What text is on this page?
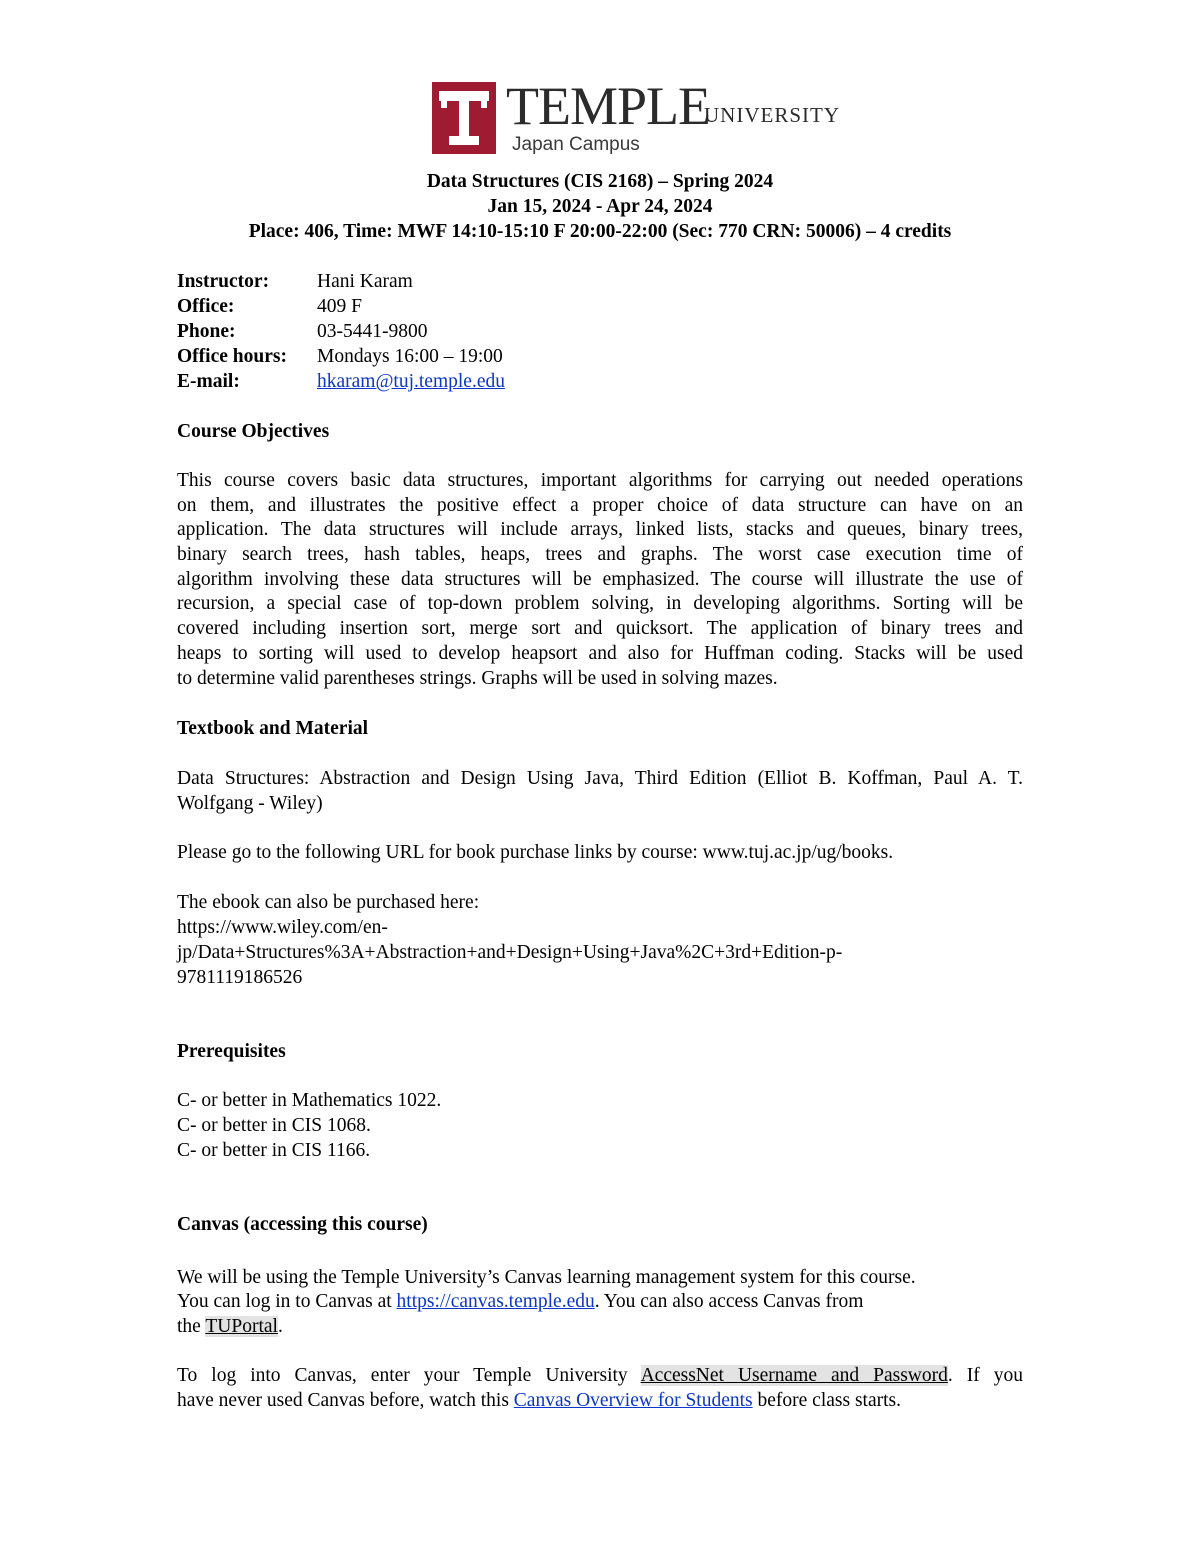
TEMPLE
UNIVERSITY
Japan Campus
Data Structures (CIS 2168) – Spring 2024
Jan 15, 2024 - Apr 24, 2024
Place: 406, Time: MWF 14:10-15:10 F 20:00-22:00 (Sec: 770 CRN: 50006) – 4 credits
Instructor: Hani Karam
Office:	409 F
Phone:	03-5441-9800
Office hours: Mondays 16:00 – 19:00
E-mail:	hkaram@tuj.temple.edu
Course Objectives
This course covers basic data structures, important algorithms for carrying out needed operations
on them, and illustrates the positive effect a proper choice of data structure can have on an
application. The data structures will include arrays, linked lists, stacks and queues, binary trees,
binary search trees, hash tables, heaps, trees and graphs. The worst case execution time of
algorithm involving these data structures will be emphasized. The course will illustrate the use of
recursion, a special case of top-down problem solving, in developing algorithms. Sorting will be
covered including insertion sort, merge sort and quicksort. The application of binary trees and
heaps to sorting will used to develop heapsort and also for Huffman coding. Stacks will be used
to determine valid parentheses strings. Graphs will be used in solving mazes.
Textbook and Material
Data Structures: Abstraction and Design Using Java, Third Edition (Elliot B. Koffman, Paul A. T.
Wolfgang - Wiley)
Please go to the following URL for book purchase links by course: www.tuj.ac.jp/ug/books.
The ebook can also be purchased here:
https://www.wiley.com/en-
jp/Data+Structures%3A+Abstraction+and+Design+Using+Java%2C+3rd+Edition-p-
9781119186526
Prerequisites
C- or better in Mathematics 1022.
C- or better in CIS 1068.
C- or better in CIS 1166.
Canvas (accessing this course)
We will be using the Temple University’s Canvas learning management system for this course.
You can log in to Canvas at https://canvas.temple.edu. You can also access Canvas from
the TUPortal.
To log into Canvas, enter your Temple University AccessNet Username and Password. If you
have never used Canvas before, watch this Canvas Overview for Students before class starts.
